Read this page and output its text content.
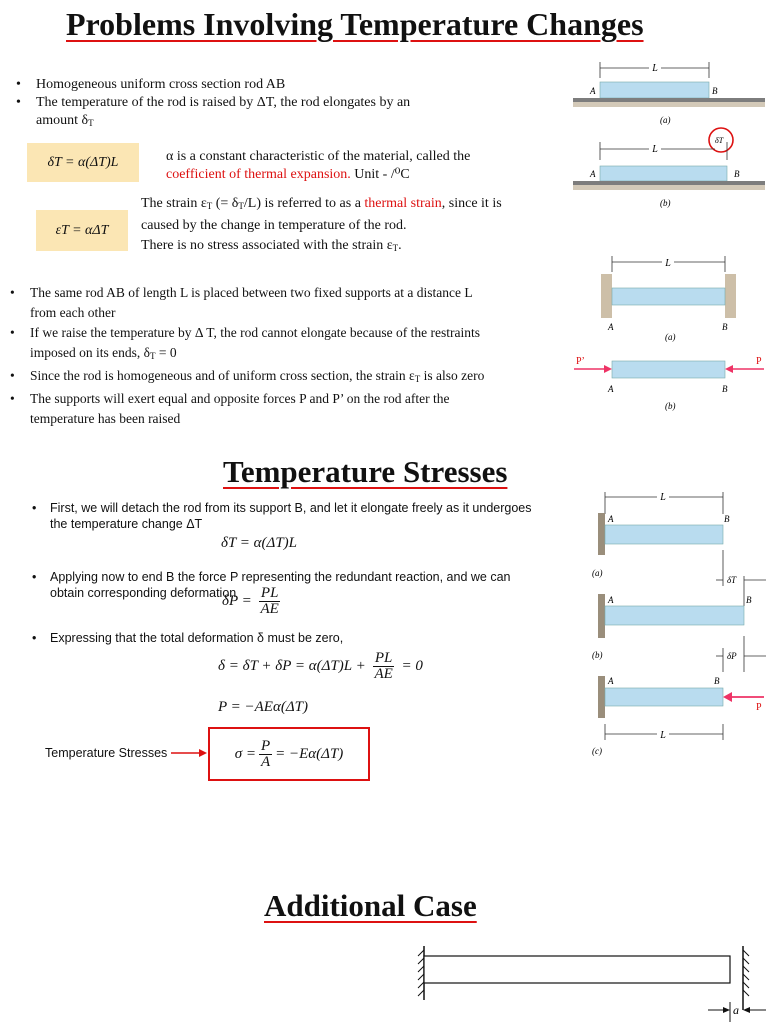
Problems Involving Temperature Changes
• Homogeneous uniform cross section rod AB
• The temperature of the rod is raised by ΔT, the rod elongates by an
amount $\delta_T$
δT = α(ΔT)L	α is a constant characteristic of the material, called the
coefficient of thermal expansion. Unit - /⁰C
εT = αΔT
The strain $\varepsilon_T$ (= $\delta_T/L$) is referred to as a thermal strain, since it is
caused by the change in temperature of the rod.
There is no stress associated with the strain $\varepsilon_T$.
L
A	B
(a)
δT
L
A	B
(b)
• The same rod AB of length L is placed between two fixed supports at a distance L
from each other
• If we raise the temperature by Δ T, the rod cannot elongate because of the restraints
imposed on its ends, $\delta_T = 0$
• Since the rod is homogeneous and of uniform cross section, the strain $\varepsilon_T$ is also zero
• The supports will exert equal and opposite forces P and P’ on the rod after the
temperature has been raised
L
A	B
(a)
P’	P
A	B
(b)
Temperature Stresses
• First, we will detach the rod from its support B, and let it elongate freely as it undergoes
the temperature change ΔT
δT = α(ΔT)L
• Applying now to end B the force P representing the redundant reaction, and we can
obtain corresponding deformation
$\delta P = \frac{PL}{AE}$
• Expressing that the total deformation δ must be zero,
$\delta = \delta T + \delta P = \alpha(\Delta T)L + \frac{PL}{AE} = 0$
P = −AEα(ΔT)
Temperature Stresses	$\sigma = \frac{P}{A} = -E\alpha(\Delta T)$
L
A	B
(a)
δT
A	B
(b)	δP
P
A	B
L
(c)
Additional Case
a
